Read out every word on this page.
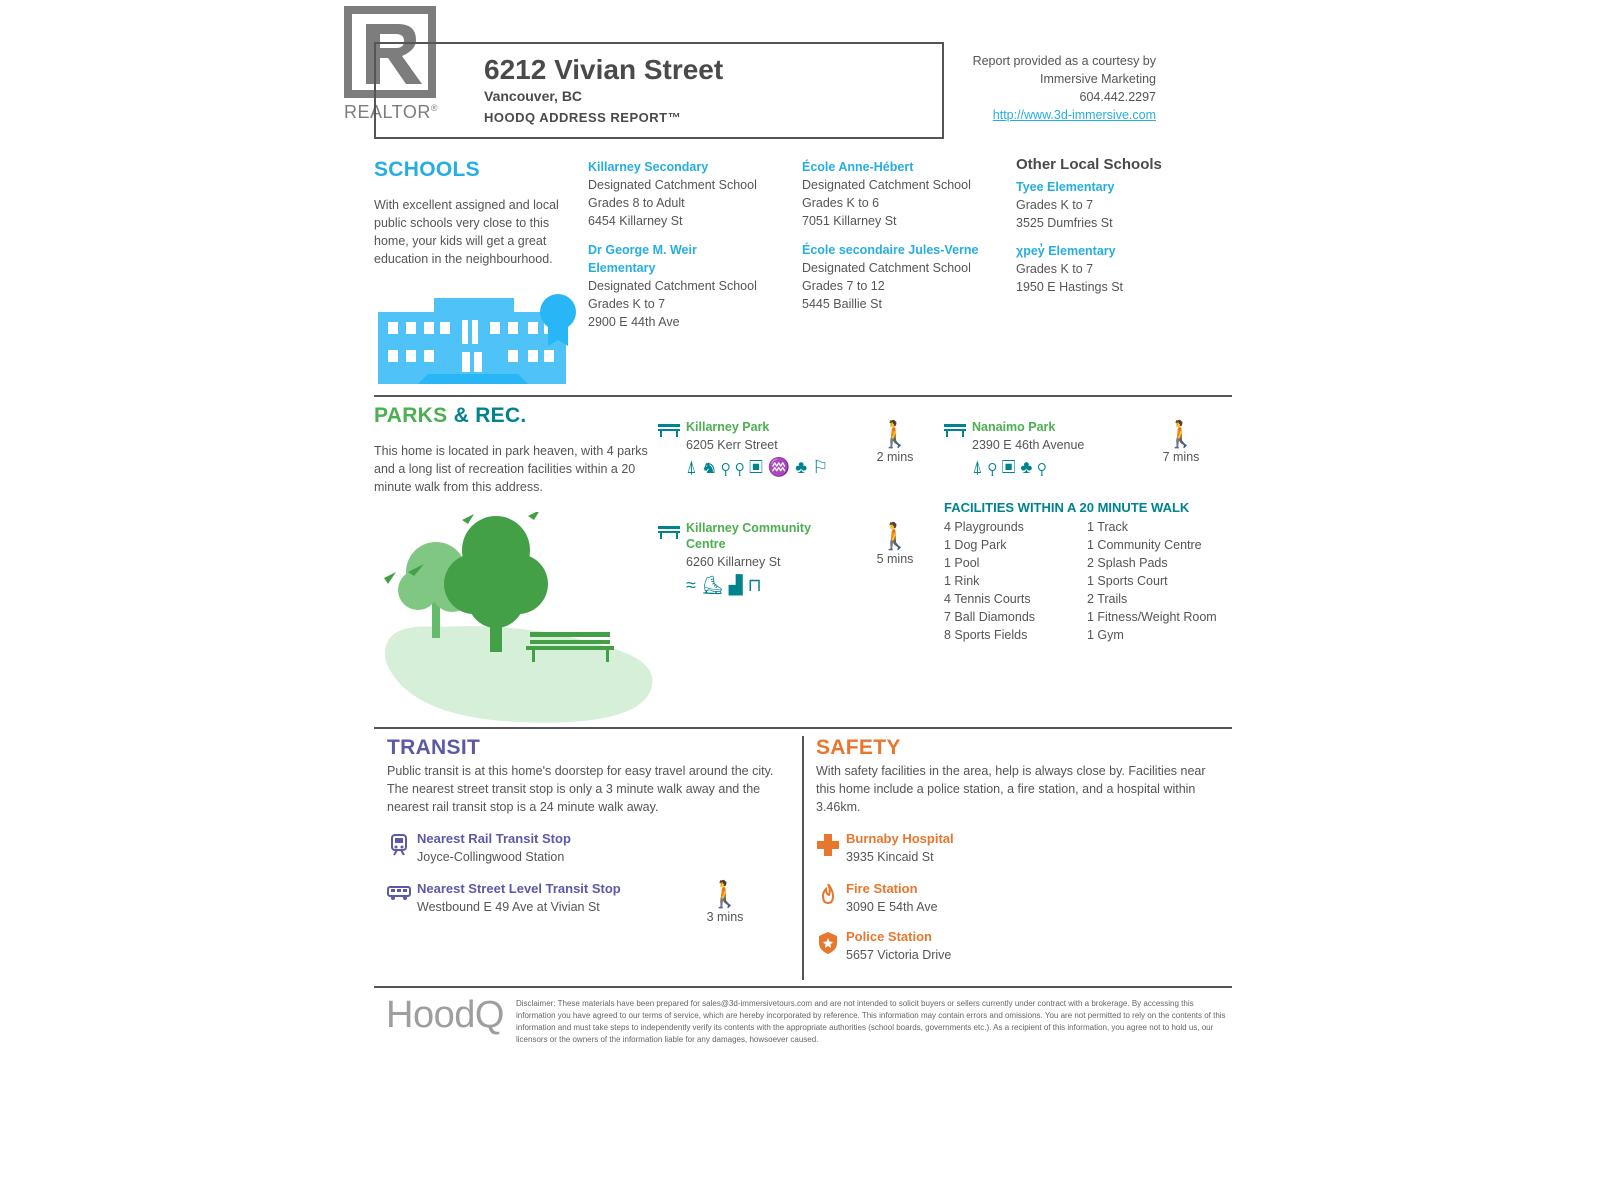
REALTOR®
6212 Vivian Street
Vancouver, BC
HOODQ ADDRESS REPORT™
Report provided as a courtesy by
Immersive Marketing
604.442.2297
http://www.3d-immersive.com
SCHOOLS
With excellent assigned and local public schools very close to this home, your kids will get a great education in the neighbourhood.
Killarney Secondary
Designated Catchment School
Grades 8 to Adult
6454 Killarney St
Dr George M. Weir
Elementary
Designated Catchment School
Grades K to 7
2900 E 44th Ave
École Anne-Hébert
Designated Catchment School
Grades K to 6
7051 Killarney St
École secondaire Jules-Verne
Designated Catchment School
Grades 7 to 12
5445 Baillie St
Other Local Schools
Tyee Elementary
Grades K to 7
3525 Dumfries St
χpey̓ Elementary
Grades K to 7
1950 E Hastings St
PARKS & REC.
This home is located in park heaven, with 4 parks and a long list of recreation facilities within a 20 minute walk from this address.
Killarney Park
6205 Kerr Street
⍋ ♞ ⚲ ⚲ ▣ ♒ ♣ ⚐
🚶
2 mins
Killarney Community
Centre
6260 Killarney St
≈ ⛸ ▟ ⊓
🚶
5 mins
Nanaimo Park
2390 E 46th Avenue
⍋ ⚲ ▣ ♣ ⚲
🚶
7 mins
FACILITIES WITHIN A 20 MINUTE WALK
4 Playgrounds
1 Dog Park
1 Pool
1 Rink
4 Tennis Courts
7 Ball Diamonds
8 Sports Fields
1 Track
1 Community Centre
2 Splash Pads
1 Sports Court
2 Trails
1 Fitness/Weight Room
1 Gym
TRANSIT
Public transit is at this home's doorstep for easy travel around the city. The nearest street transit stop is only a 3 minute walk away and the nearest rail transit stop is a 24 minute walk away.
Nearest Rail Transit Stop
Joyce-Collingwood Station
Nearest Street Level Transit Stop
Westbound E 49 Ave at Vivian St	🚶
3 mins
SAFETY
With safety facilities in the area, help is always close by. Facilities near this home include a police station, a fire station, and a hospital within 3.46km.
Burnaby Hospital
3935 Kincaid St
Fire Station
3090 E 54th Ave
Police Station
5657 Victoria Drive
HoodQ Disclaimer: These materials have been prepared for sales@3d-immersivetours.com and are not intended to solicit buyers or sellers currently under contract with a brokerage. By accessing this information you have agreed to our terms of service, which are hereby incorporated by reference. This information may contain errors and omissions. You are not permitted to rely on the contents of this information and must take steps to independently verify its contents with the appropriate authorities (school boards, governments etc.). As a recipient of this information, you agree not to hold us, our licensors or the owners of the information liable for any damages, howsoever caused.
